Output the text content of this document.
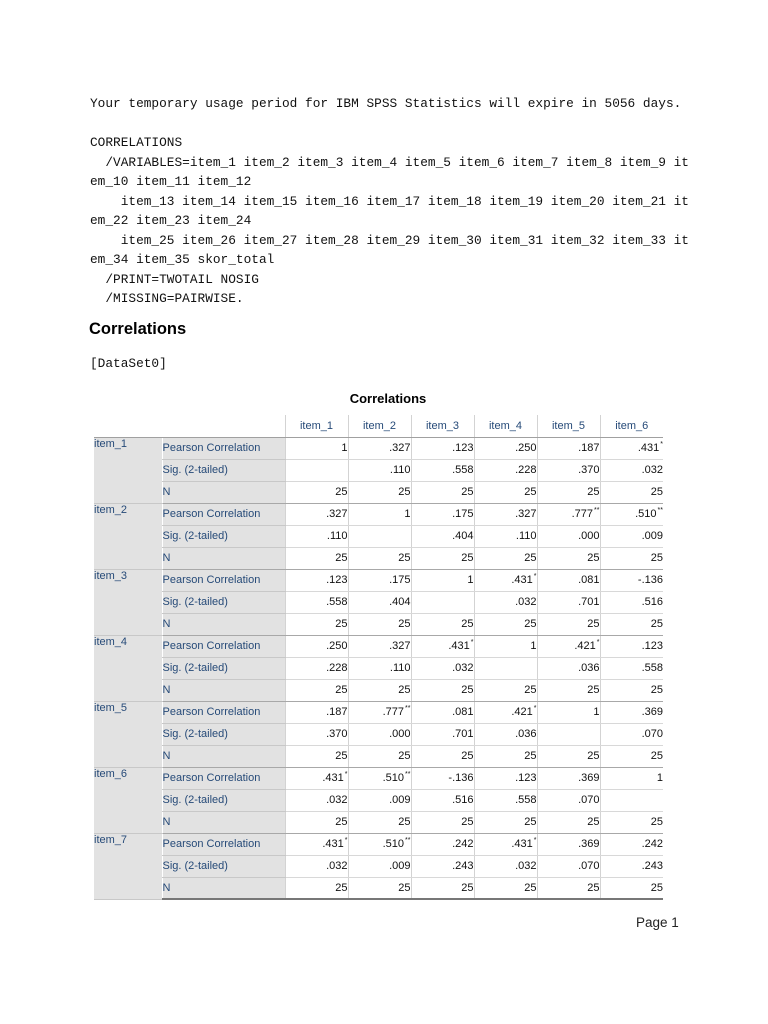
Your temporary usage period for IBM SPSS Statistics will expire in 5056 days.
CORRELATIONS
/VARIABLES=item_1 item_2 item_3 item_4 item_5 item_6 item_7 item_8 item_9 it
em_10 item_11 item_12
item_13 item_14 item_15 item_16 item_17 item_18 item_19 item_20 item_21 it
em_22 item_23 item_24
item_25 item_26 item_27 item_28 item_29 item_30 item_31 item_32 item_33 it
em_34 item_35 skor_total
/PRINT=TWOTAIL NOSIG
/MISSING=PAIRWISE.
Correlations
[DataSet0]
Correlations
		item_1	item_2	item_3	item_4	item_5	item_6
item_1	Pearson Correlation	1	.327	.123	.250	.187	.431*
	Sig. (2-tailed)		.110	.558	.228	.370	.032
	N	25	25	25	25	25	25
item_2	Pearson Correlation	.327	1	.175	.327	.777**	.510**
	Sig. (2-tailed)	.110		.404	.110	.000	.009
	N	25	25	25	25	25	25
item_3	Pearson Correlation	.123	.175	1	.431*	.081	-.136
	Sig. (2-tailed)	.558	.404		.032	.701	.516
	N	25	25	25	25	25	25
item_4	Pearson Correlation	.250	.327	.431*	1	.421*	.123
	Sig. (2-tailed)	.228	.110	.032		.036	.558
	N	25	25	25	25	25	25
item_5	Pearson Correlation	.187	.777**	.081	.421*	1	.369
	Sig. (2-tailed)	.370	.000	.701	.036		.070
	N	25	25	25	25	25	25
item_6	Pearson Correlation	.431*	.510**	-.136	.123	.369	1
	Sig. (2-tailed)	.032	.009	.516	.558	.070	
	N	25	25	25	25	25	25
item_7	Pearson Correlation	.431*	.510**	.242	.431*	.369	.242
	Sig. (2-tailed)	.032	.009	.243	.032	.070	.243
	N	25	25	25	25	25	25
Page 1
